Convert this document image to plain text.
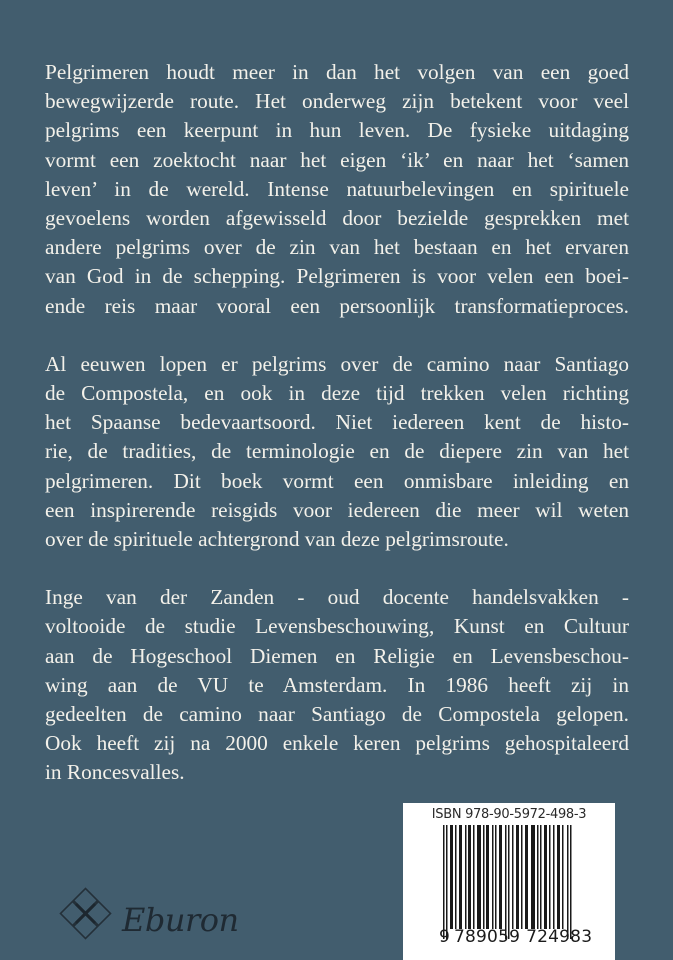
Pelgrimeren houdt meer in dan het volgen van een goed
bewegwijzerde route. Het onderweg zijn betekent voor veel
pelgrims een keerpunt in hun leven. De fysieke uitdaging
vormt een zoektocht naar het eigen ‘ik’ en naar het ‘samen
leven’ in de wereld. Intense natuurbelevingen en spirituele
gevoelens worden afgewisseld door bezielde gesprekken met
andere pelgrims over de zin van het bestaan en het ervaren
van God in de schepping. Pelgrimeren is voor velen een boei-
ende reis maar vooral een persoonlijk transformatieproces.

Al eeuwen lopen er pelgrims over de camino naar Santiago
de Compostela, en ook in deze tijd trekken velen richting
het Spaanse bedevaartsoord. Niet iedereen kent de histo-
rie, de tradities, de terminologie en de diepere zin van het
pelgrimeren. Dit boek vormt een onmisbare inleiding en
een inspirerende reisgids voor iedereen die meer wil weten
over de spirituele achtergrond van deze pelgrimsroute.

Inge van der Zanden - oud docente handelsvakken -
voltooide de studie Levensbeschouwing, Kunst en Cultuur
aan de Hogeschool Diemen en Religie en Levensbeschou-
wing aan de VU te Amsterdam. In 1986 heeft zij in
gedeelten de camino naar Santiago de Compostela gelopen.
Ook heeft zij na 2000 enkele keren pelgrims gehospitaleerd
in Roncesvalles.

Eburon
ISBN 978-90-5972-498-3
9 789059 724983
